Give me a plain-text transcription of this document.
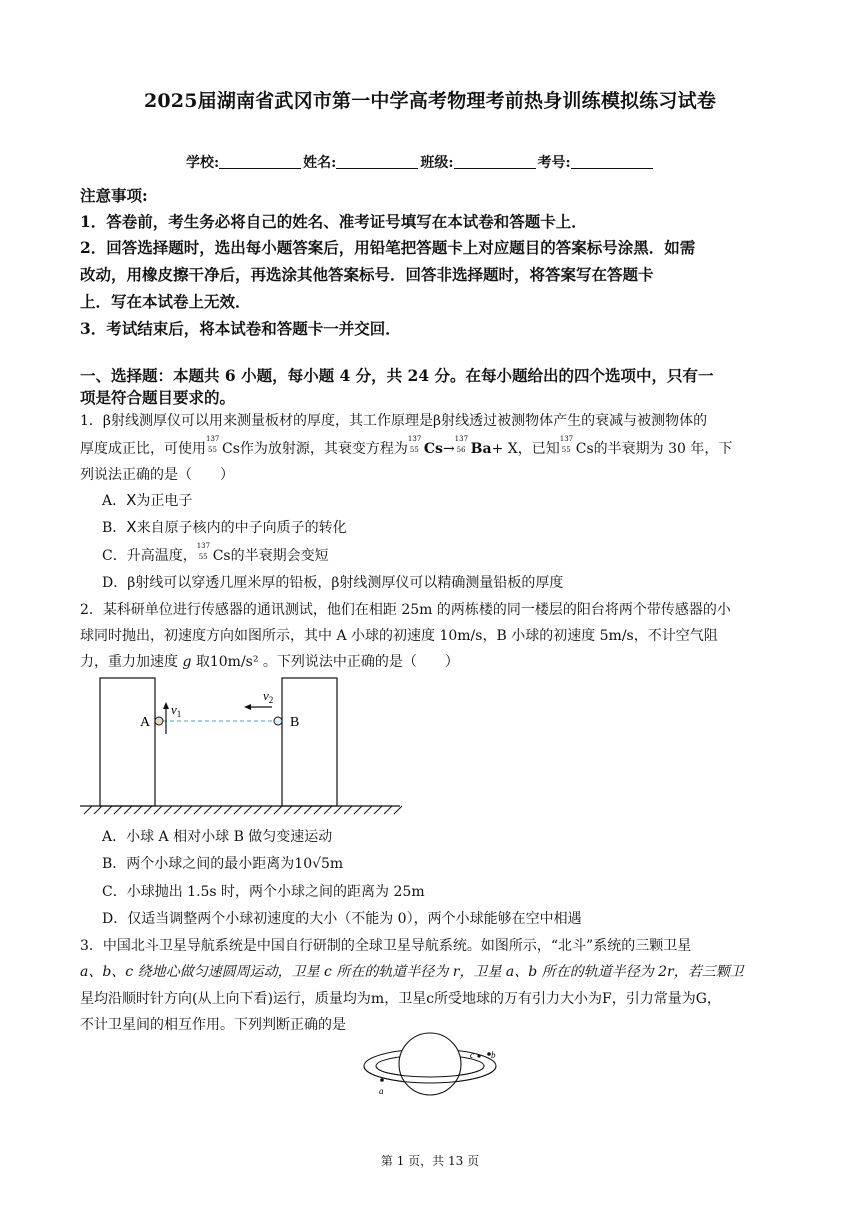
2025届湖南省武冈市第一中学高考物理考前热身训练模拟练习试卷
学校:	姓名:	班级:	考号:
注意事项:
1．答卷前，考生务必将自己的姓名、准考证号填写在本试卷和答题卡上．
2．回答选择题时，选出每小题答案后，用铅笔把答题卡上对应题目的答案标号涂黑．如需
改动，用橡皮擦干净后，再选涂其他答案标号．回答非选择题时，将答案写在答题卡
上．写在本试卷上无效．
3．考试结束后，将本试卷和答题卡一并交回．
一、选择题：本题共 6 小题，每小题 4 分，共 24 分。在每小题给出的四个选项中，只有一
项是符合题目要求的。
1．β射线测厚仪可以用来测量板材的厚度，其工作原理是β射线透过被测物体产生的衰减与被测物体的
厚度成正比，可使用
137
55 Cs作为放射源，其衰变方程为
137
55 Cs→
137
56 Ba+ X，已知
137
55 Cs的半衰期为 30 年，下
列说法正确的是（　　）
A．X为正电子
B．X来自原子核内的中子向质子的转化
C．升高温度，
137
55 Cs的半衰期会变短
D．β射线可以穿透几厘米厚的铅板，β射线测厚仪可以精确测量铅板的厚度
2．某科研单位进行传感器的通讯测试，他们在相距 25m 的两栋楼的同一楼层的阳台将两个带传感器的小
球同时抛出，初速度方向如图所示，其中 A 小球的初速度 10m/s，B 小球的初速度 5m/s，不计空气阻
力，重力加速度 g 取10m/s² 。下列说法中正确的是（　　）
A	B
$v_1$
$v_2$
A．小球 A 相对小球 B 做匀变速运动
B．两个小球之间的最小距离为10√5m
C．小球抛出 1.5s 时，两个小球之间的距离为 25m
D．仅适当调整两个小球初速度的大小（不能为 0），两个小球能够在空中相遇
3．中国北斗卫星导航系统是中国自行研制的全球卫星导航系统。如图所示，“北斗”系统的三颗卫星
a、b、c 绕地心做匀速圆周运动，卫星 c 所在的轨道半径为 r，卫星 a、b 所在的轨道半径为 2r，若三颗卫
星均沿顺时针方向(从上向下看)运行，质量均为m，卫星c所受地球的万有引力大小为F，引力常量为G，
不计卫星间的相互作用。下列判断正确的是
a
b
c
第 1 页，共 13 页
